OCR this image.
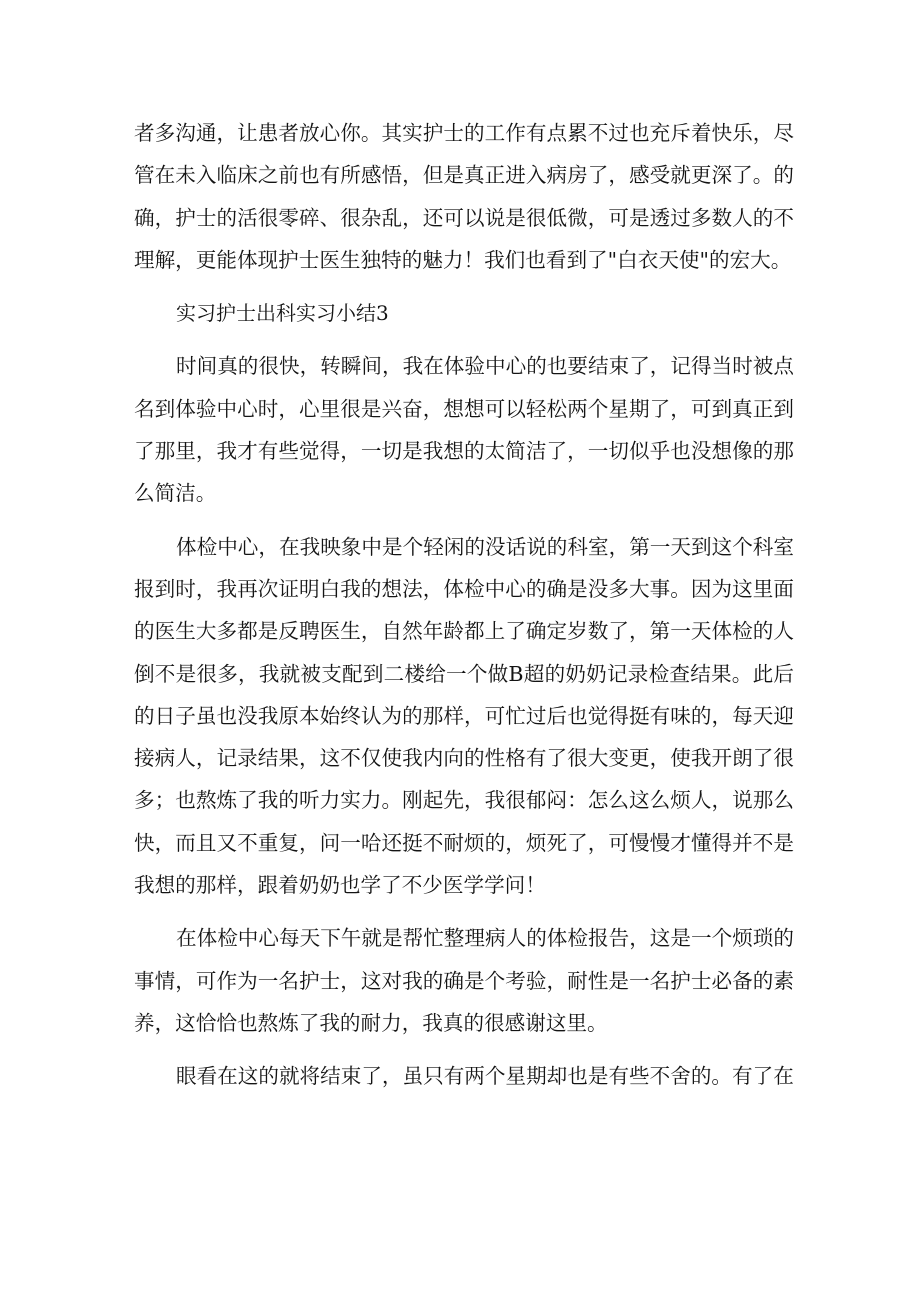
者多沟通，让患者放心你。其实护士的工作有点累不过也充斥着快乐，尽管在未入临床之前也有所感悟，但是真正进入病房了，感受就更深了。的确，护士的活很零碎、很杂乱，还可以说是很低微，可是透过多数人的不理解，更能体现护士医生独特的魅力！我们也看到了"白衣天使"的宏大。

实习护士出科实习小结3

时间真的很快，转瞬间，我在体验中心的也要结束了，记得当时被点名到体验中心时，心里很是兴奋，想想可以轻松两个星期了，可到真正到了那里，我才有些觉得，一切是我想的太简洁了，一切似乎也没想像的那么简洁。

体检中心，在我映象中是个轻闲的没话说的科室，第一天到这个科室报到时，我再次证明白我的想法，体检中心的确是没多大事。因为这里面的医生大多都是反聘医生，自然年龄都上了确定岁数了，第一天体检的人倒不是很多，我就被支配到二楼给一个做B超的奶奶记录检查结果。此后的日子虽也没我原本始终认为的那样，可忙过后也觉得挺有味的，每天迎接病人，记录结果，这不仅使我内向的性格有了很大变更，使我开朗了很多；也熬炼了我的听力实力。刚起先，我很郁闷：怎么这么烦人，说那么快，而且又不重复，问一哈还挺不耐烦的，烦死了，可慢慢才懂得并不是我想的那样，跟着奶奶也学了不少医学学问！

在体检中心每天下午就是帮忙整理病人的体检报告，这是一个烦琐的事情，可作为一名护士，这对我的确是个考验，耐性是一名护士必备的素养，这恰恰也熬炼了我的耐力，我真的很感谢这里。

眼看在这的就将结束了，虽只有两个星期却也是有些不舍的。有了在
